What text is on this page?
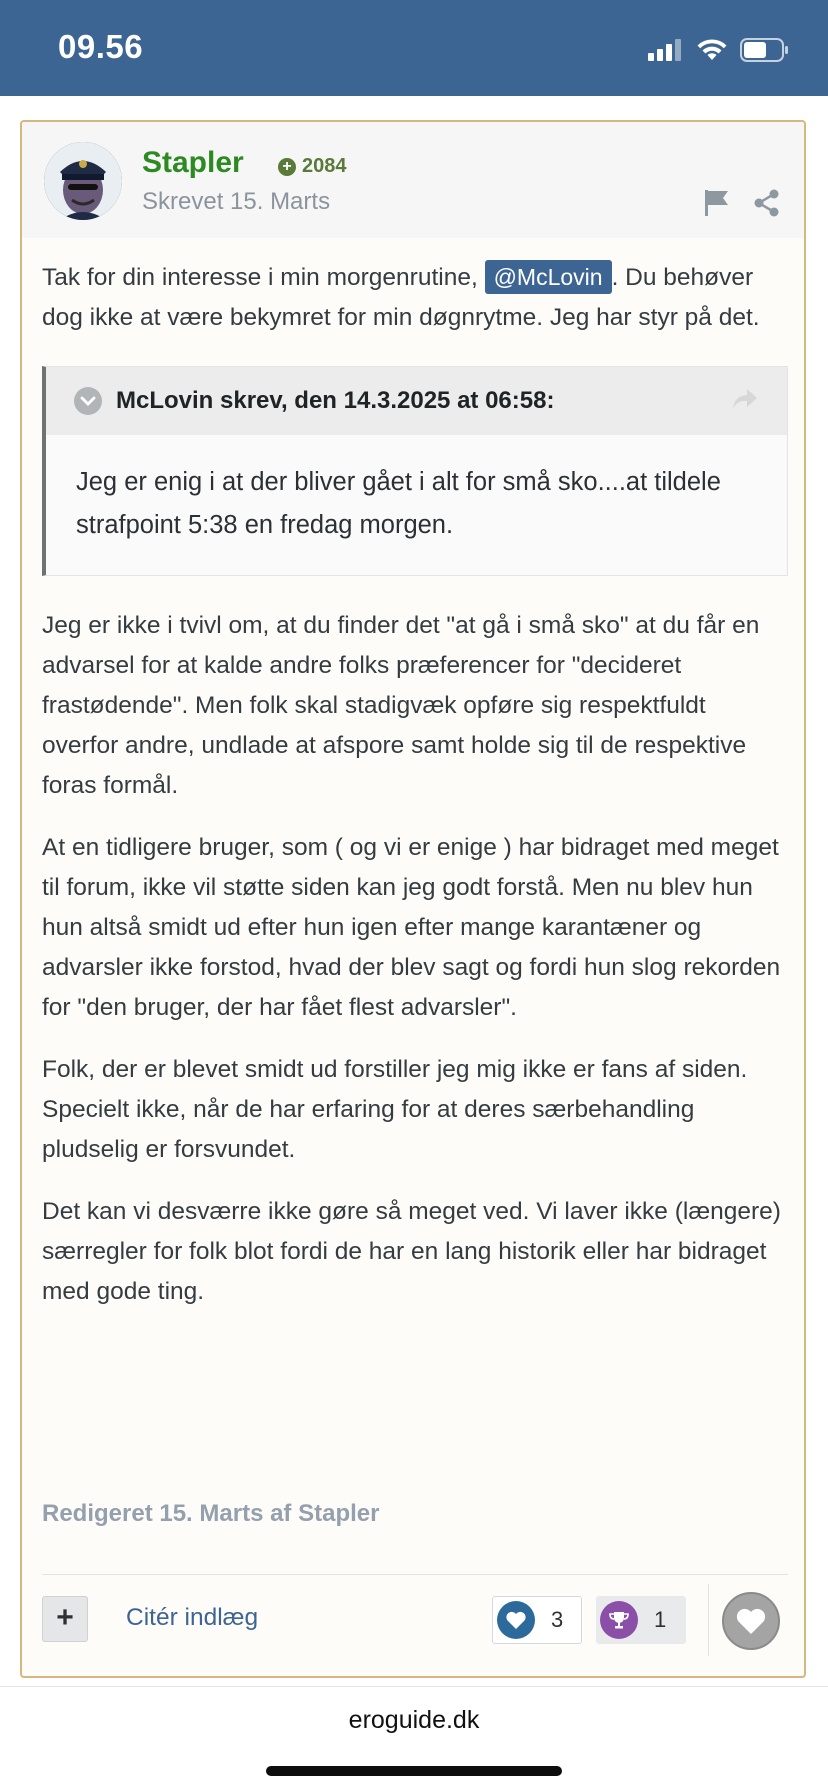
09.56
Stapler + 2084
Skrevet 15. Marts

Tak for din interesse i min morgenrutine, @McLovin . Du behøver dog ikke at være bekymret for min døgnrytme. Jeg har styr på det.

McLovin skrev, den 14.3.2025 at 06:58:
Jeg er enig i at der bliver gået i alt for små sko....at tildele strafpoint 5:38 en fredag morgen.

Jeg er ikke i tvivl om, at du finder det "at gå i små sko" at du får en advarsel for at kalde andre folks præferencer for "decideret frastødende". Men folk skal stadigvæk opføre sig respektfuldt overfor andre, undlade at afspore samt holde sig til de respektive foras formål.

At en tidligere bruger, som ( og vi er enige ) har bidraget med meget til forum, ikke vil støtte siden kan jeg godt forstå. Men nu blev hun hun altså smidt ud efter hun igen efter mange karantæner og advarsler ikke forstod, hvad der blev sagt og fordi hun slog rekorden for "den bruger, der har fået flest advarsler".

Folk, der er blevet smidt ud forstiller jeg mig ikke er fans af siden. Specielt ikke, når de har erfaring for at deres særbehandling pludselig er forsvundet.

Det kan vi desværre ikke gøre så meget ved. Vi laver ikke (længere) særregler for folk blot fordi de har en lang historik eller har bidraget med gode ting.

Redigeret 15. Marts af Stapler
+	Citér indlæg	3	1
eroguide.dk
